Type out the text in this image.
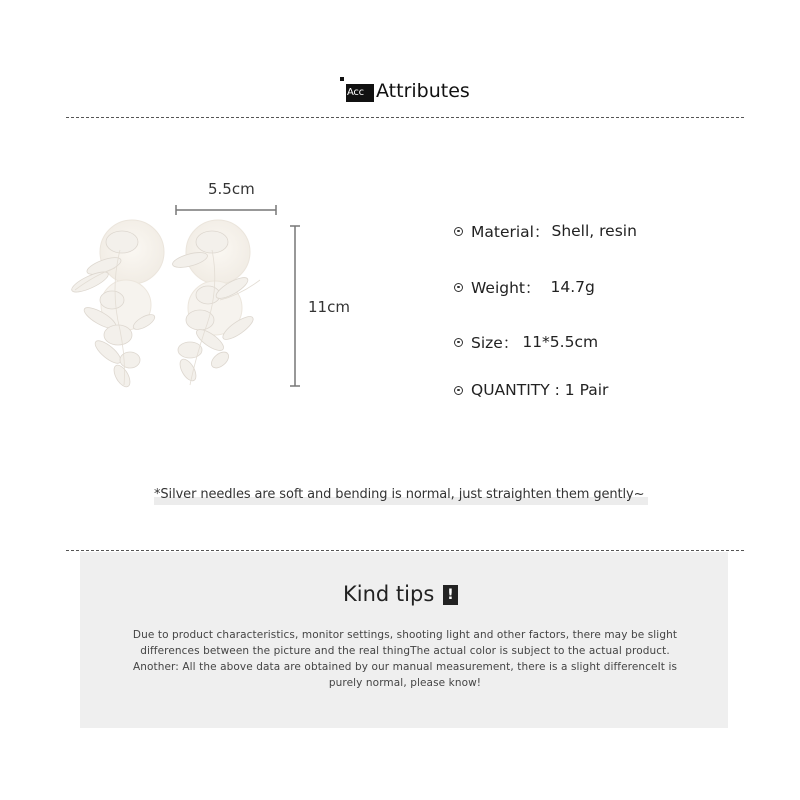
Acc Attributes
5.5cm
11cm
Material： Shell, resin
Weight： 14.7g
Size： 11*5.5cm
QUANTITY : 1 Pair
*Silver needles are soft and bending is normal, just straighten them gently~
Kind tips !
Due to product characteristics, monitor settings, shooting light and other factors, there may be slight
differences between the picture and the real thingThe actual color is subject to the actual product.
Another: All the above data are obtained by our manual measurement, there is a slight differenceIt is
purely normal, please know!
